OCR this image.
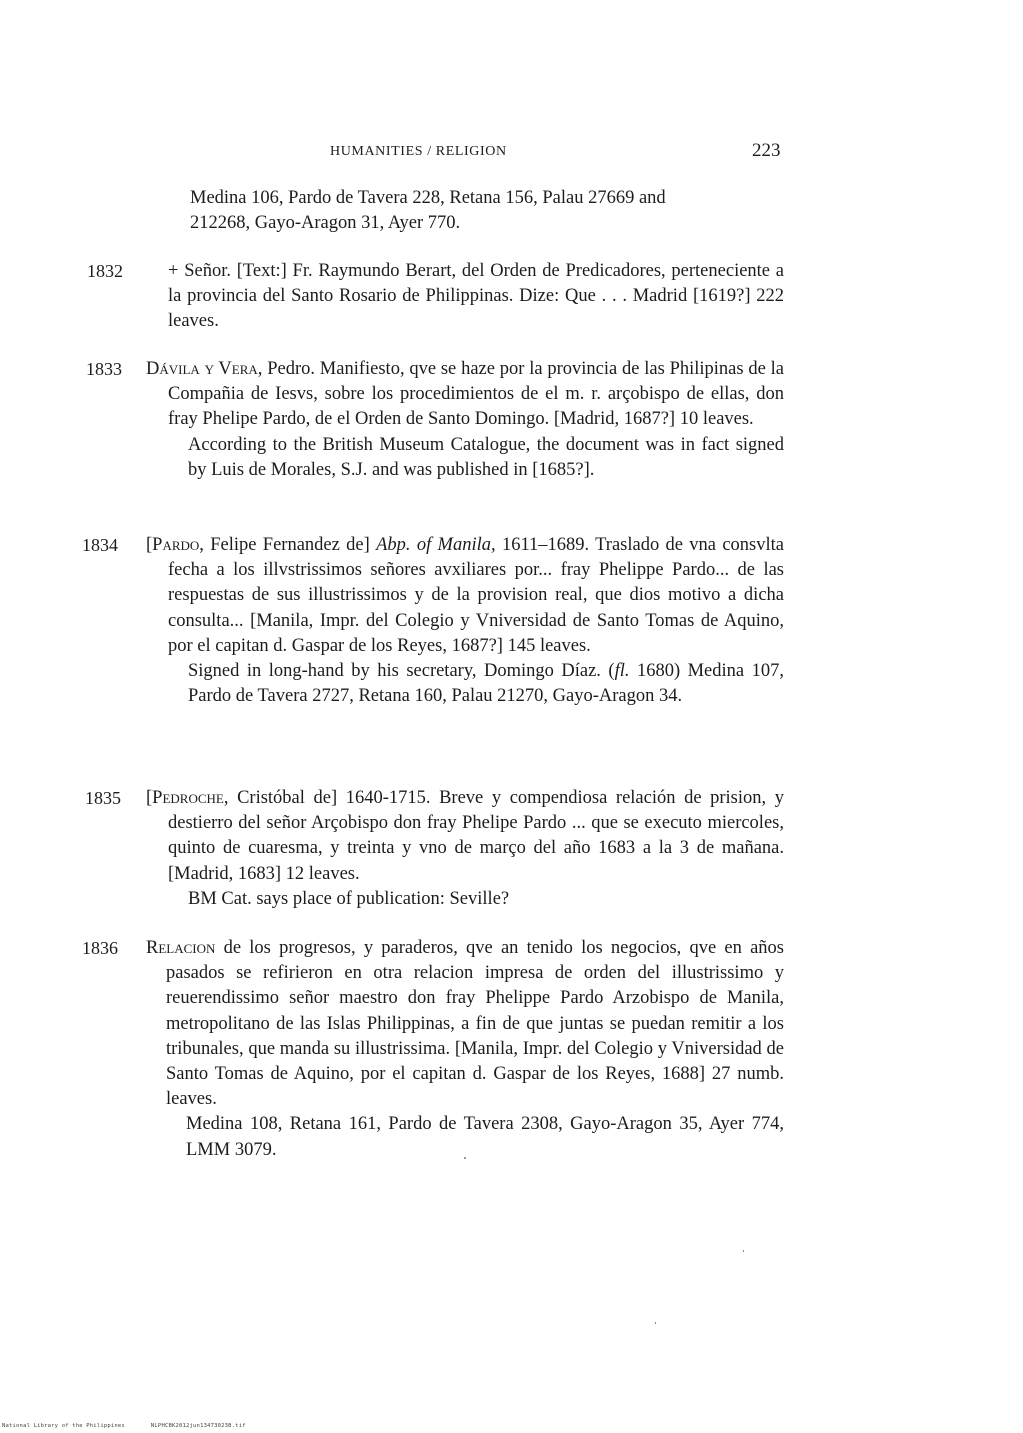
HUMANITIES / RELIGION	223
Medina 106, Pardo de Tavera 228, Retana 156, Palau 27669 and
212268, Gayo-Aragon 31, Ayer 770.
1832 + Señor. [Text:] Fr. Raymundo Berart, del Orden de Predicadores, perteneciente a la provincia del Santo Rosario de Philippinas. Dize: Que . . . Madrid [1619?] 222 leaves.

1833 Dávila y Vera, Pedro. Manifiesto, qve se haze por la provincia de las Philipinas de la Compañia de Iesvs, sobre los procedimientos de el m. r. arçobispo de ellas, don fray Phelipe Pardo, de el Orden de Santo Domingo. [Madrid, 1687?] 10 leaves.

According to the British Museum Catalogue, the document was in fact signed by Luis de Morales, S.J. and was published in [1685?].

1834 [Pardo, Felipe Fernandez de] Abp. of Manila, 1611–1689. Traslado de vna consvlta fecha a los illvstrissimos señores avxiliares por... fray Phelippe Pardo... de las respuestas de sus illustrissimos y de la provision real, que dios motivo a dicha consulta... [Manila, Impr. del Colegio y Vniversidad de Santo Tomas de Aquino, por el capitan d. Gaspar de los Reyes, 1687?] 145 leaves.

Signed in long-hand by his secretary, Domingo Díaz. (fl. 1680) Medina 107, Pardo de Tavera 2727, Retana 160, Palau 21270, Gayo-Aragon 34.

1835 [Pedroche, Cristóbal de] 1640-1715. Breve y compendiosa relación de prision, y destierro del señor Arçobispo don fray Phelipe Pardo ... que se executo miercoles, quinto de cuaresma, y treinta y vno de março del año 1683 a la 3 de mañana. [Madrid, 1683] 12 leaves.

BM Cat. says place of publication: Seville?

1836 Relacion de los progresos, y paraderos, qve an tenido los negocios, qve en años pasados se refirieron en otra relacion impresa de orden del illustrissimo y reuerendissimo señor maestro don fray Phelippe Pardo Arzobispo de Manila, metropolitano de las Islas Philippinas, a fin de que juntas se puedan remitir a los tribunales, que manda su illustrissima. [Manila, Impr. del Colegio y Vniversidad de Santo Tomas de Aquino, por el capitan d. Gaspar de los Reyes, 1688] 27 numb. leaves.

Medina 108, Retana 161, Pardo de Tavera 2308, Gayo-Aragon 35, Ayer 774, LMM 3079.

National Library of the Philippines	NLPHCBK2012jun13473023B.tif
